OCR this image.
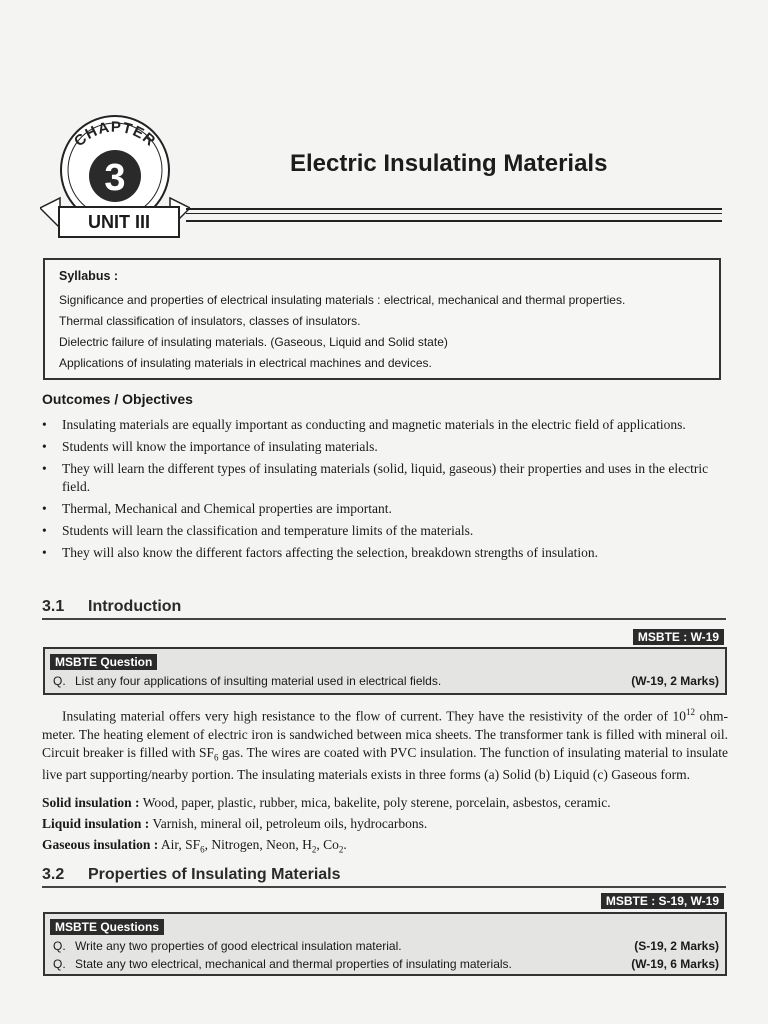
CHAPTER
3
UNIT III
Electric Insulating Materials
Syllabus :
Significance and properties of electrical insulating materials : electrical, mechanical and thermal properties.
Thermal classification of insulators, classes of insulators.
Dielectric failure of insulating materials. (Gaseous, Liquid and Solid state)
Applications of insulating materials in electrical machines and devices.
Outcomes / Objectives
• Insulating materials are equally important as conducting and magnetic materials in the electric field of applications.
• Students will know the importance of insulating materials.
• They will learn the different types of insulating materials (solid, liquid, gaseous) their properties and uses in the electric field.
• Thermal, Mechanical and Chemical properties are important.
• Students will learn the classification and temperature limits of the materials.
• They will also know the different factors affecting the selection, breakdown strengths of insulation.
3.1 Introduction
MSBTE : W-19
MSBTE Question
Q. List any four applications of insulting material used in electrical fields.	(W-19, 2 Marks)

Insulating material offers very high resistance to the flow of current. They have the resistivity of the order of $10^{12}$ ohm-meter. The heating element of electric iron is sandwiched between mica sheets. The transformer tank is filled with mineral oil. Circuit breaker is filled with $SF_6$ gas. The wires are coated with PVC insulation. The function of insulating material to insulate live part supporting/nearby portion. The insulating materials exists in three forms (a) Solid (b) Liquid (c) Gaseous form.

Solid insulation : Wood, paper, plastic, rubber, mica, bakelite, poly sterene, porcelain, asbestos, ceramic.
Liquid insulation : Varnish, mineral oil, petroleum oils, hydrocarbons.
Gaseous insulation : Air, $SF_6$, Nitrogen, Neon, $H_2$, $Co_2$.
3.2 Properties of Insulating Materials
MSBTE : S-19, W-19
MSBTE Questions
Q. Write any two properties of good electrical insulation material.	(S-19, 2 Marks)
Q. State any two electrical, mechanical and thermal properties of insulating materials.	(W-19, 6 Marks)
